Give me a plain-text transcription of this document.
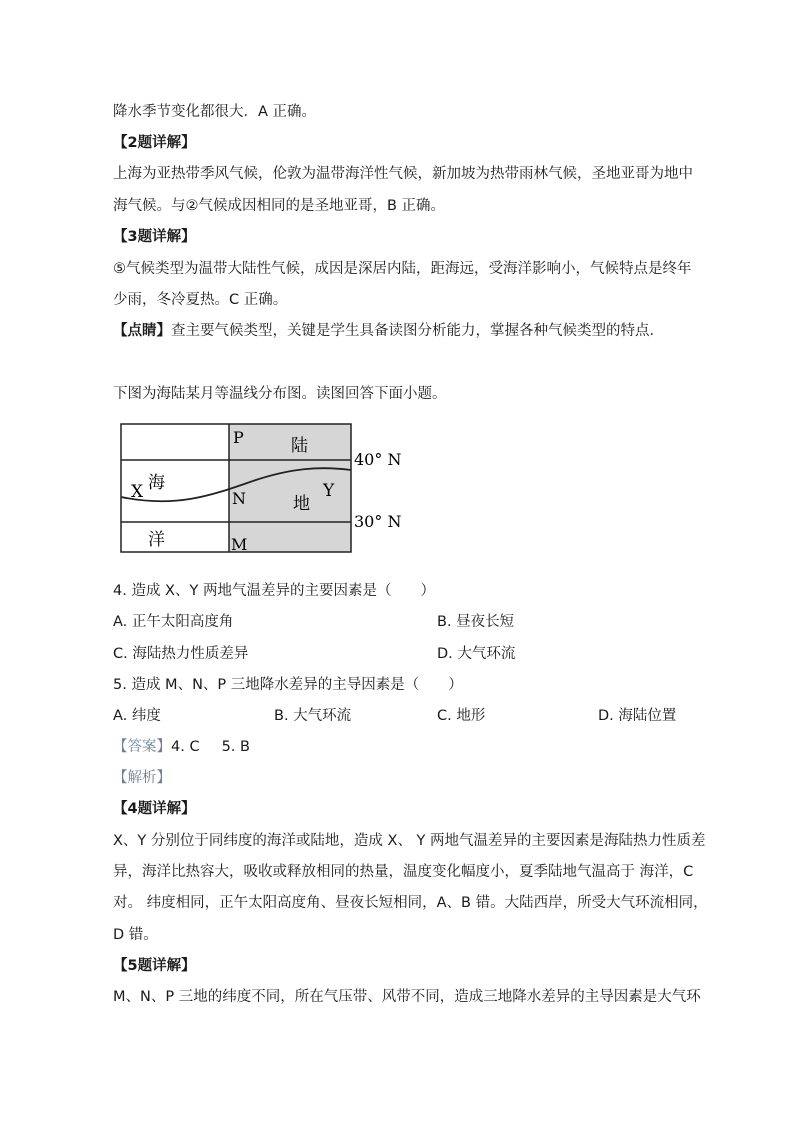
降水季节变化都很大．A 正确。
【2题详解】
上海为亚热带季风气候，伦敦为温带海洋性气候，新加坡为热带雨林气候，圣地亚哥为地中
海气候。与②气候成因相同的是圣地亚哥，B 正确。
【3题详解】
⑤气候类型为温带大陆性气候，成因是深居内陆，距海远，受海洋影响小，气候特点是终年
少雨，冬冷夏热。C 正确。
【点睛】查主要气候类型，关键是学生具备读图分析能力，掌握各种气候类型的特点．
下图为海陆某月等温线分布图。读图回答下面小题。
P	陆
海
X	N	Y
地
洋	M
40° N
30° N
4. 造成 X、Y 两地气温差异的主要因素是（　　）
A. 正午太阳高度角	B. 昼夜长短
C. 海陆热力性质差异	D. 大气环流
5. 造成 M、N、P 三地降水差异的主导因素是（　　）
A. 纬度	B. 大气环流	C. 地形	D. 海陆位置
【答案】4. C 5. B
【解析】
【4题详解】
X、Y 分别位于同纬度的海洋或陆地，造成 X、 Y 两地气温差异的主要因素是海陆热力性质差
异，海洋比热容大，吸收或释放相同的热量，温度变化幅度小，夏季陆地气温高于 海洋，C
对。 纬度相同，正午太阳高度角、昼夜长短相同，A、B 错。大陆西岸，所受大气环流相同，
D 错。
【5题详解】
M、N、P 三地的纬度不同，所在气压带、风带不同，造成三地降水差异的主导因素是大气环
